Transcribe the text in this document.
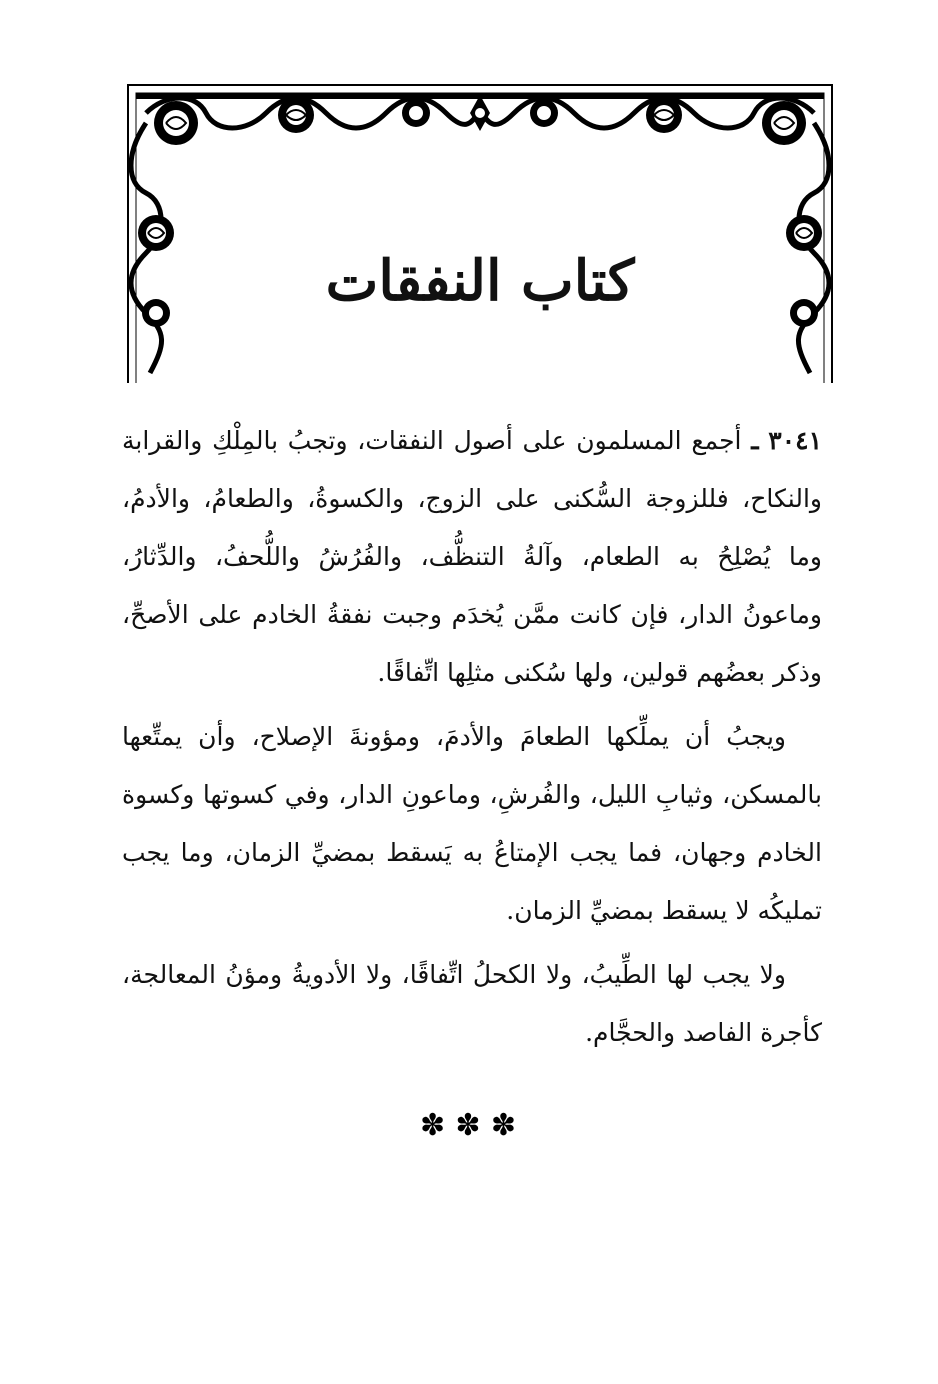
كتاب النفقات

٣٠٤١ ـ أجمع المسلمون على أصول النفقات، وتجبُ بالمِلْكِ والقرابة والنكاح، فللزوجة السُّكنى على الزوج، والكسوةُ، والطعامُ، والأدمُ، وما يُصْلِحُ به الطعام، وآلةُ التنظُّف، والفُرُشُ واللُّحفُ، والدِّثارُ، وماعونُ الدار، فإن كانت ممَّن يُخدَم وجبت نفقةُ الخادم على الأصحِّ، وذكر بعضُهم قولين، ولها سُكنى مثلِها اتِّفاقًا.

ويجبُ أن يملِّكها الطعامَ والأدمَ، ومؤونةَ الإصلاح، وأن يمتِّعها بالمسكن، وثيابِ الليل، والفُرشِ، وماعونِ الدار، وفي كسوتها وكسوة الخادم وجهان، فما يجب الإمتاعُ به يَسقط بمضيِّ الزمان، وما يجب تمليكُه لا يسقط بمضيِّ الزمان.

ولا يجب لها الطِّيبُ، ولا الكحلُ اتِّفاقًا، ولا الأدويةُ ومؤنُ المعالجة، كأجرة الفاصد والحجَّام.

✽ ✽ ✽
